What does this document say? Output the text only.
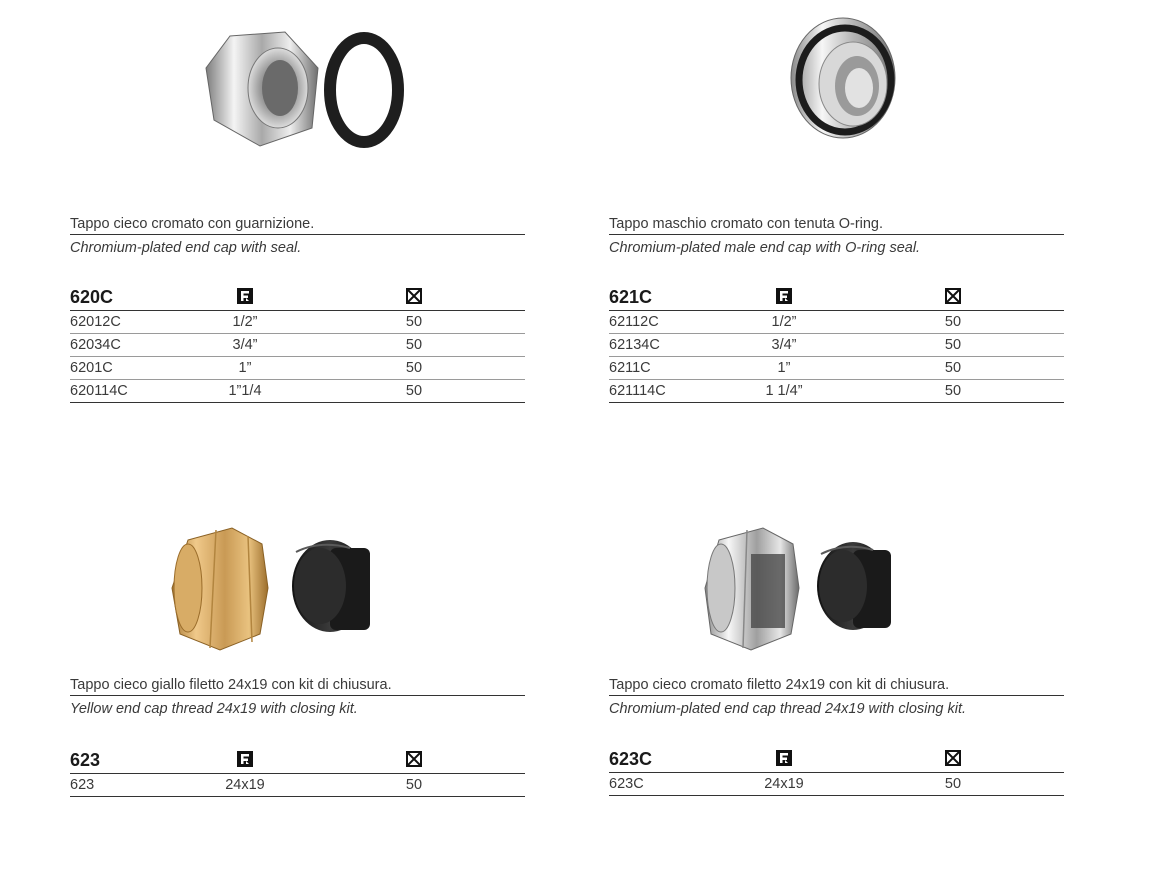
Tappo cieco cromato con guarnizione.
Chromium-plated end cap with seal.
620C			
62012C	1/2”	50	
62034C	3/4”	50	
6201C	1”	50	
620114C	1”1/4	50	
Tappo maschio cromato con tenuta O-ring.
Chromium-plated male end cap with O-ring seal.
621C			
62112C	1/2”	50	
62134C	3/4”	50	
6211C	1”	50	
621114C	1 1/4”	50	
Tappo cieco giallo filetto 24x19 con kit di chiusura.
Yellow end cap thread 24x19 with closing kit.
623			
623	24x19	50	
Tappo cieco cromato filetto 24x19 con kit di chiusura.
Chromium-plated end cap thread 24x19 with closing kit.
623C			
623C	24x19	50	
